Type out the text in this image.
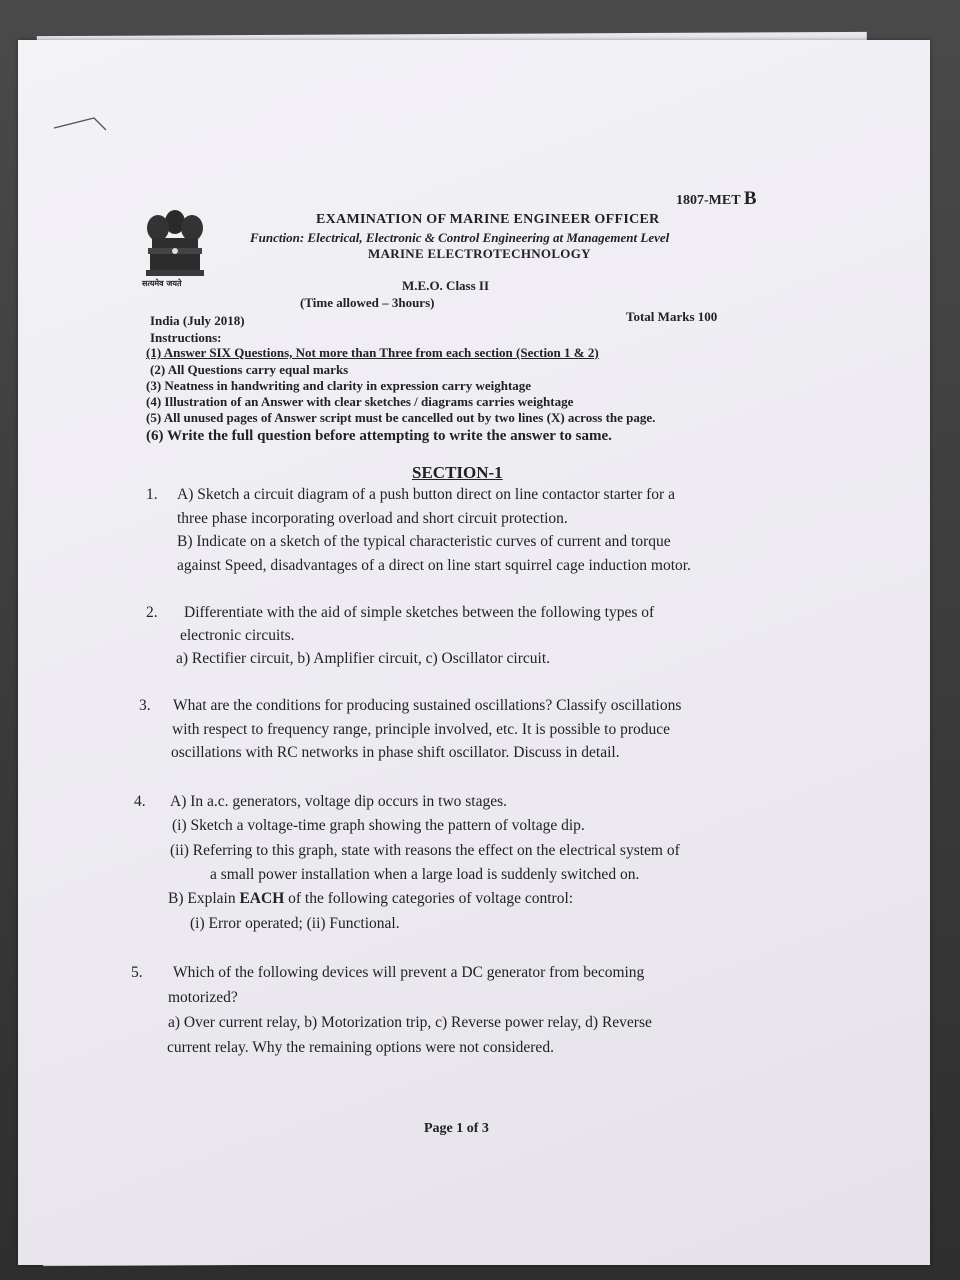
1807-MET B
सत्यमेव जयते
EXAMINATION OF MARINE ENGINEER OFFICER
Function: Electrical, Electronic & Control Engineering at Management Level
MARINE ELECTROTECHNOLOGY
M.E.O. Class II
(Time allowed – 3hours)
India (July 2018)	Total Marks 100
Instructions:
(1) Answer SIX Questions, Not more than Three from each section (Section 1 & 2)
(2) All Questions carry equal marks
(3) Neatness in handwriting and clarity in expression carry weightage
(4) Illustration of an Answer with clear sketches / diagrams carries weightage
(5) All unused pages of Answer script must be cancelled out by two lines (X) across the page.
(6) Write the full question before attempting to write the answer to same.
SECTION-1
1. A) Sketch a circuit diagram of a push button direct on line contactor starter for a
three phase incorporating overload and short circuit protection.
B) Indicate on a sketch of the typical characteristic curves of current and torque
against Speed, disadvantages of a direct on line start squirrel cage induction motor.
2. Differentiate with the aid of simple sketches between the following types of
electronic circuits.
a) Rectifier circuit, b) Amplifier circuit, c) Oscillator circuit.
3. What are the conditions for producing sustained oscillations? Classify oscillations
with respect to frequency range, principle involved, etc. It is possible to produce
oscillations with RC networks in phase shift oscillator. Discuss in detail.
4. A) In a.c. generators, voltage dip occurs in two stages.
(i) Sketch a voltage-time graph showing the pattern of voltage dip.
(ii) Referring to this graph, state with reasons the effect on the electrical system of
a small power installation when a large load is suddenly switched on.
B) Explain EACH of the following categories of voltage control:
(i) Error operated; (ii) Functional.
5. Which of the following devices will prevent a DC generator from becoming
motorized?
a) Over current relay, b) Motorization trip, c) Reverse power relay, d) Reverse
current relay. Why the remaining options were not considered.
Page 1 of 3
